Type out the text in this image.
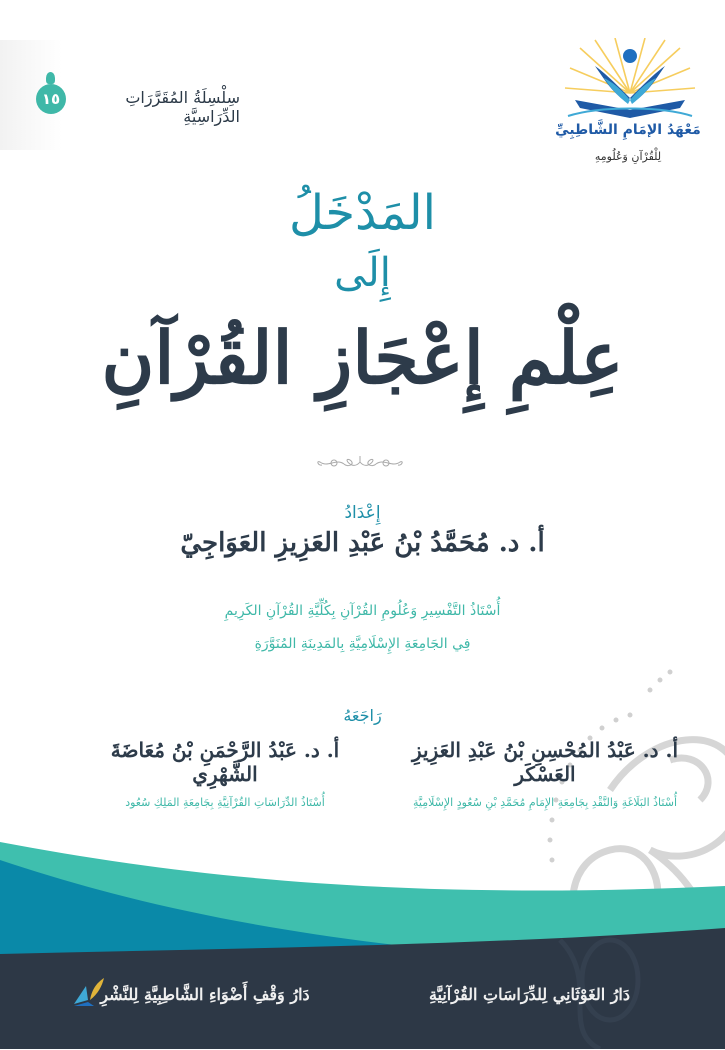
١٥	سِلْسِلَةُ المُقَرَّرَاتِ الدِّرَاسِيَّةِ
مَعْهَدُ الإمَامِ الشَّاطِبِيِّ
لِلْقُرْآنِ وَعُلُومِهِ
المَدْخَلُ
إِلَى
عِلْمِ إِعْجَازِ القُرْآنِ
إِعْدَادُ
أ. د. مُحَمَّدُ بْنُ عَبْدِ العَزِيزِ العَوَاجِيّ
أُسْتَاذُ التَّفْسِيرِ وَعُلُومِ القُرْآنِ بِكُلِّيَّةِ القُرْآنِ الكَرِيمِ
فِي الجَامِعَةِ الإِسْلَامِيَّةِ بِالمَدِينَةِ المُنَوَّرَةِ
رَاجَعَهُ
أ. د. عَبْدُ المُحْسِنِ بْنُ عَبْدِ العَزِيزِ العَسْكَر
أُسْتَاذُ البَلَاغَةِ وَالنَّقْدِ بِجَامِعَةِ الإِمَامِ مُحَمَّدِ بْنِ سُعُودٍ الإِسْلَامِيَّةِ
أ. د. عَبْدُ الرَّحْمَنِ بْنُ مُعَاضَةَ الشَّهْرِي
أُسْتَاذُ الدِّرَاسَاتِ القُرْآنِيَّةِ بِجَامِعَةِ المَلِكِ سُعُود
دَارُ وَقْفِ أَضْوَاءِ الشَّاطِبِيَّةِ لِلنَّشْرِ	دَارُ الغَوْثَانِي لِلدِّرَاسَاتِ القُرْآنِيَّةِ
